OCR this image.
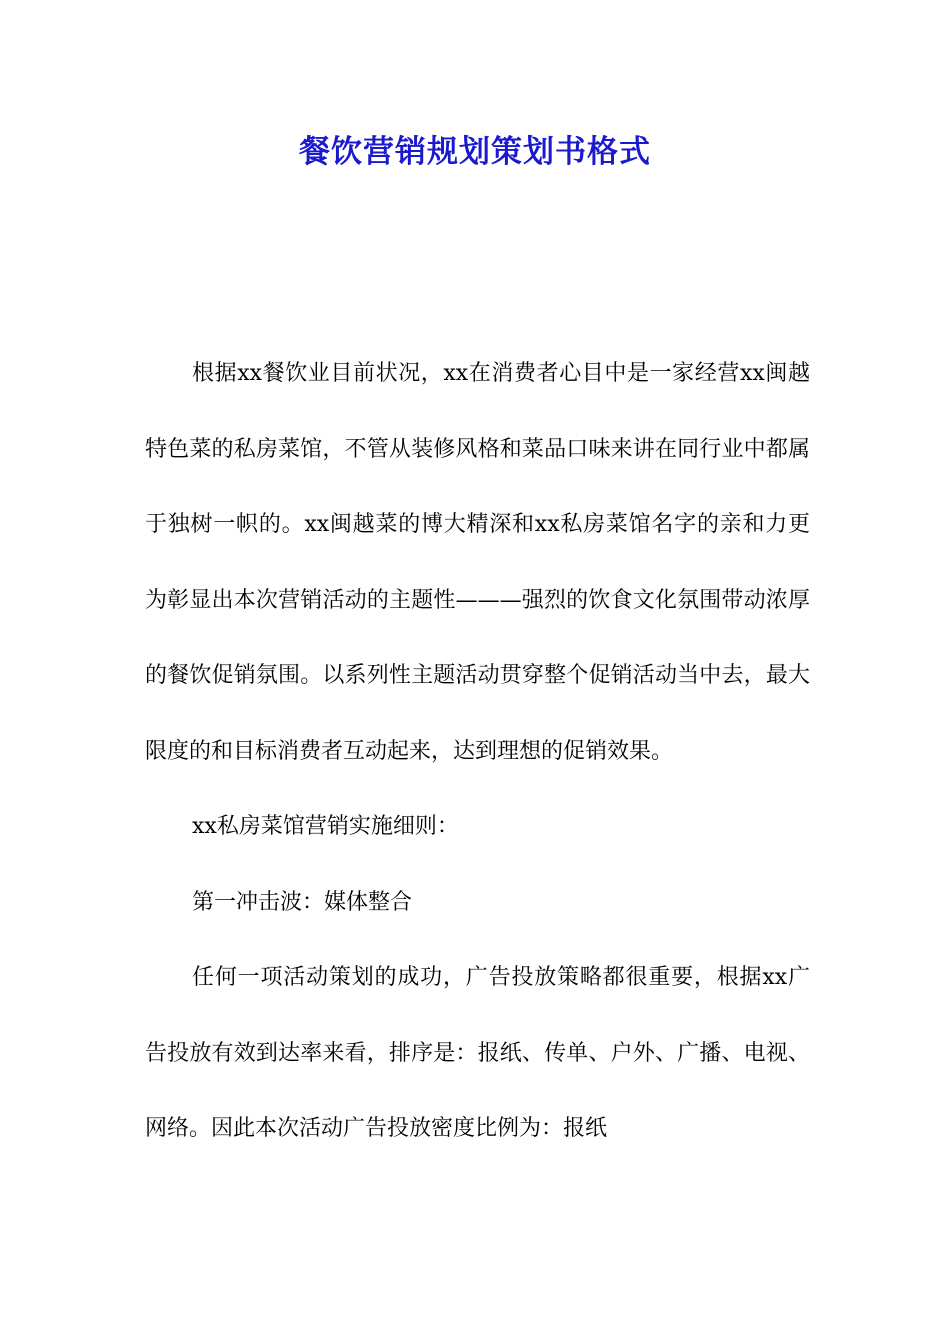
餐饮营销规划策划书格式

根据xx餐饮业目前状况，xx在消费者心目中是一家经营xx闽越特色菜的私房菜馆，不管从装修风格和菜品口味来讲在同行业中都属于独树一帜的。xx闽越菜的博大精深和xx私房菜馆名字的亲和力更为彰显出本次营销活动的主题性———强烈的饮食文化氛围带动浓厚的餐饮促销氛围。以系列性主题活动贯穿整个促销活动当中去，最大限度的和目标消费者互动起来，达到理想的促销效果。

xx私房菜馆营销实施细则：

第一冲击波：媒体整合

任何一项活动策划的成功，广告投放策略都很重要，根据xx广告投放有效到达率来看，排序是：报纸、传单、户外、广播、电视、网络。因此本次活动广告投放密度比例为：报纸
